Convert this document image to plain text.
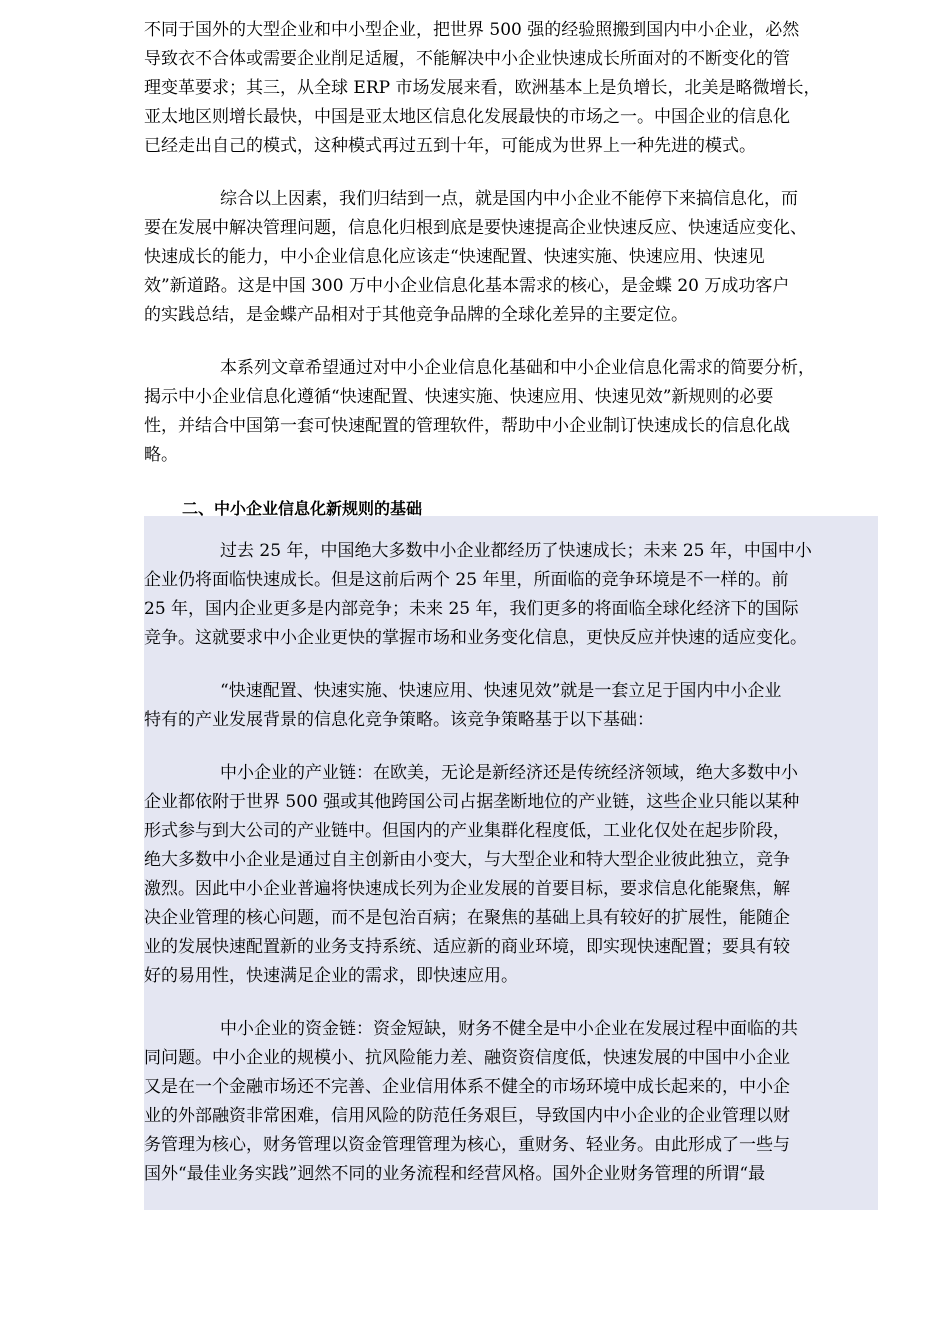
不同于国外的大型企业和中小型企业，把世界 500 强的经验照搬到国内中小企业，必然
导致衣不合体或需要企业削足适履，不能解决中小企业快速成长所面对的不断变化的管
理变革要求；其三，从全球 ERP 市场发展来看，欧洲基本上是负增长，北美是略微增长，
亚太地区则增长最快，中国是亚太地区信息化发展最快的市场之一。中国企业的信息化
已经走出自己的模式，这种模式再过五到十年，可能成为世界上一种先进的模式。
综合以上因素，我们归结到一点，就是国内中小企业不能停下来搞信息化，而
要在发展中解决管理问题，信息化归根到底是要快速提高企业快速反应、快速适应变化、
快速成长的能力，中小企业信息化应该走“快速配置、快速实施、快速应用、快速见
效”新道路。这是中国 300 万中小企业信息化基本需求的核心，是金蝶 20 万成功客户
的实践总结，是金蝶产品相对于其他竞争品牌的全球化差异的主要定位。
本系列文章希望通过对中小企业信息化基础和中小企业信息化需求的简要分析，
揭示中小企业信息化遵循“快速配置、快速实施、快速应用、快速见效”新规则的必要
性，并结合中国第一套可快速配置的管理软件，帮助中小企业制订快速成长的信息化战
略。
二、中小企业信息化新规则的基础
过去 25 年，中国绝大多数中小企业都经历了快速成长；未来 25 年，中国中小
企业仍将面临快速成长。但是这前后两个 25 年里，所面临的竞争环境是不一样的。前
25 年，国内企业更多是内部竞争；未来 25 年，我们更多的将面临全球化经济下的国际
竞争。这就要求中小企业更快的掌握市场和业务变化信息，更快反应并快速的适应变化。
“快速配置、快速实施、快速应用、快速见效”就是一套立足于国内中小企业
特有的产业发展背景的信息化竞争策略。该竞争策略基于以下基础：
中小企业的产业链：在欧美，无论是新经济还是传统经济领域，绝大多数中小
企业都依附于世界 500 强或其他跨国公司占据垄断地位的产业链，这些企业只能以某种
形式参与到大公司的产业链中。但国内的产业集群化程度低，工业化仅处在起步阶段，
绝大多数中小企业是通过自主创新由小变大，与大型企业和特大型企业彼此独立，竞争
激烈。因此中小企业普遍将快速成长列为企业发展的首要目标，要求信息化能聚焦，解
决企业管理的核心问题，而不是包治百病；在聚焦的基础上具有较好的扩展性，能随企
业的发展快速配置新的业务支持系统、适应新的商业环境，即实现快速配置；要具有较
好的易用性，快速满足企业的需求，即快速应用。
中小企业的资金链：资金短缺，财务不健全是中小企业在发展过程中面临的共
同问题。中小企业的规模小、抗风险能力差、融资资信度低，快速发展的中国中小企业
又是在一个金融市场还不完善、企业信用体系不健全的市场环境中成长起来的，中小企
业的外部融资非常困难，信用风险的防范任务艰巨，导致国内中小企业的企业管理以财
务管理为核心，财务管理以资金管理管理为核心，重财务、轻业务。由此形成了一些与
国外“最佳业务实践”迥然不同的业务流程和经营风格。国外企业财务管理的所谓“最
